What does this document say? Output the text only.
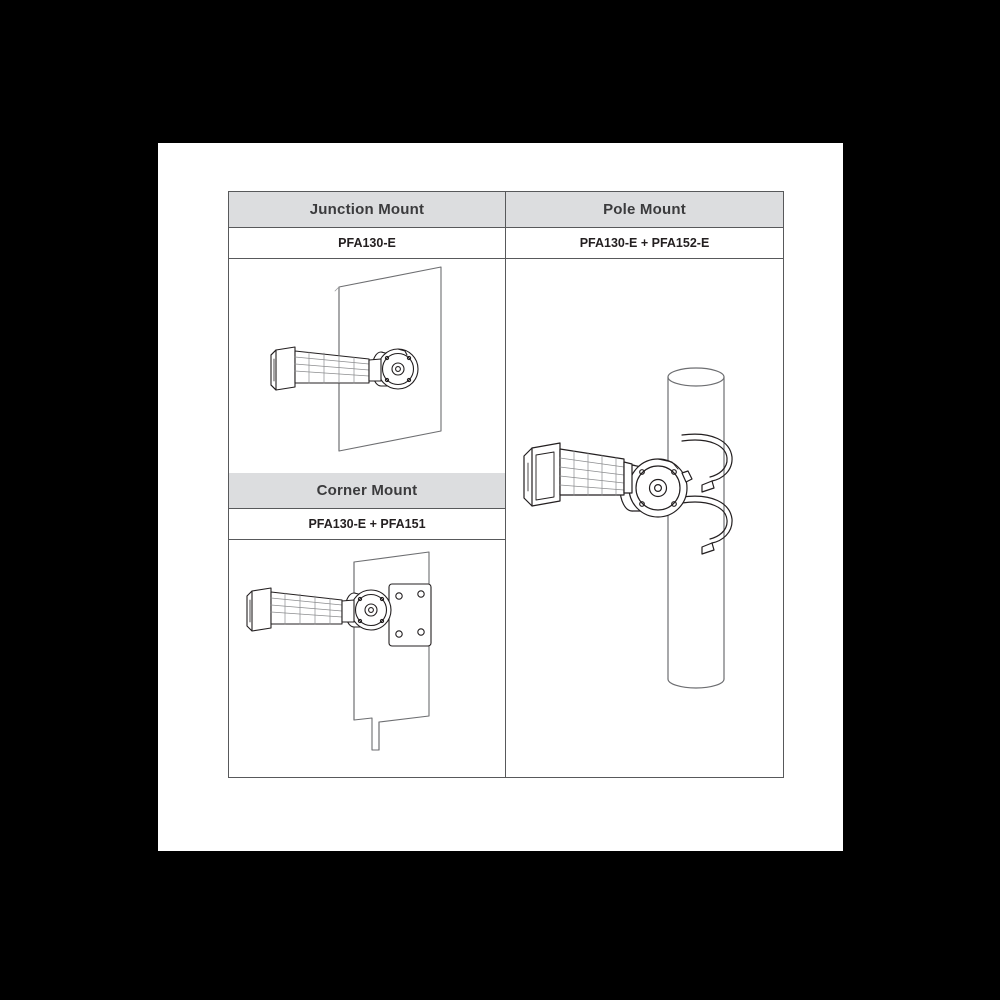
Junction Mount
PFA130-E
Corner Mount
PFA130-E + PFA151
Pole Mount
PFA130-E + PFA152-E
